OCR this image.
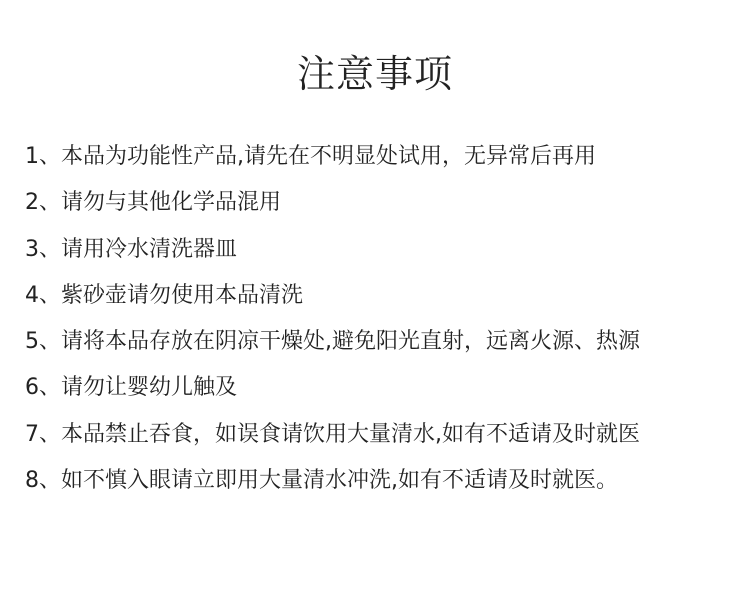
注意事项
1、本品为功能性产品,请先在不明显处试用，无异常后再用
2、请勿与其他化学品混用
3、请用冷水清洗器皿
4、紫砂壶请勿使用本品清洗
5、请将本品存放在阴凉干燥处,避免阳光直射，远离火源、热源
6、请勿让婴幼儿触及
7、本品禁止吞食，如误食请饮用大量清水,如有不适请及时就医
8、如不慎入眼请立即用大量清水冲洗,如有不适请及时就医。
